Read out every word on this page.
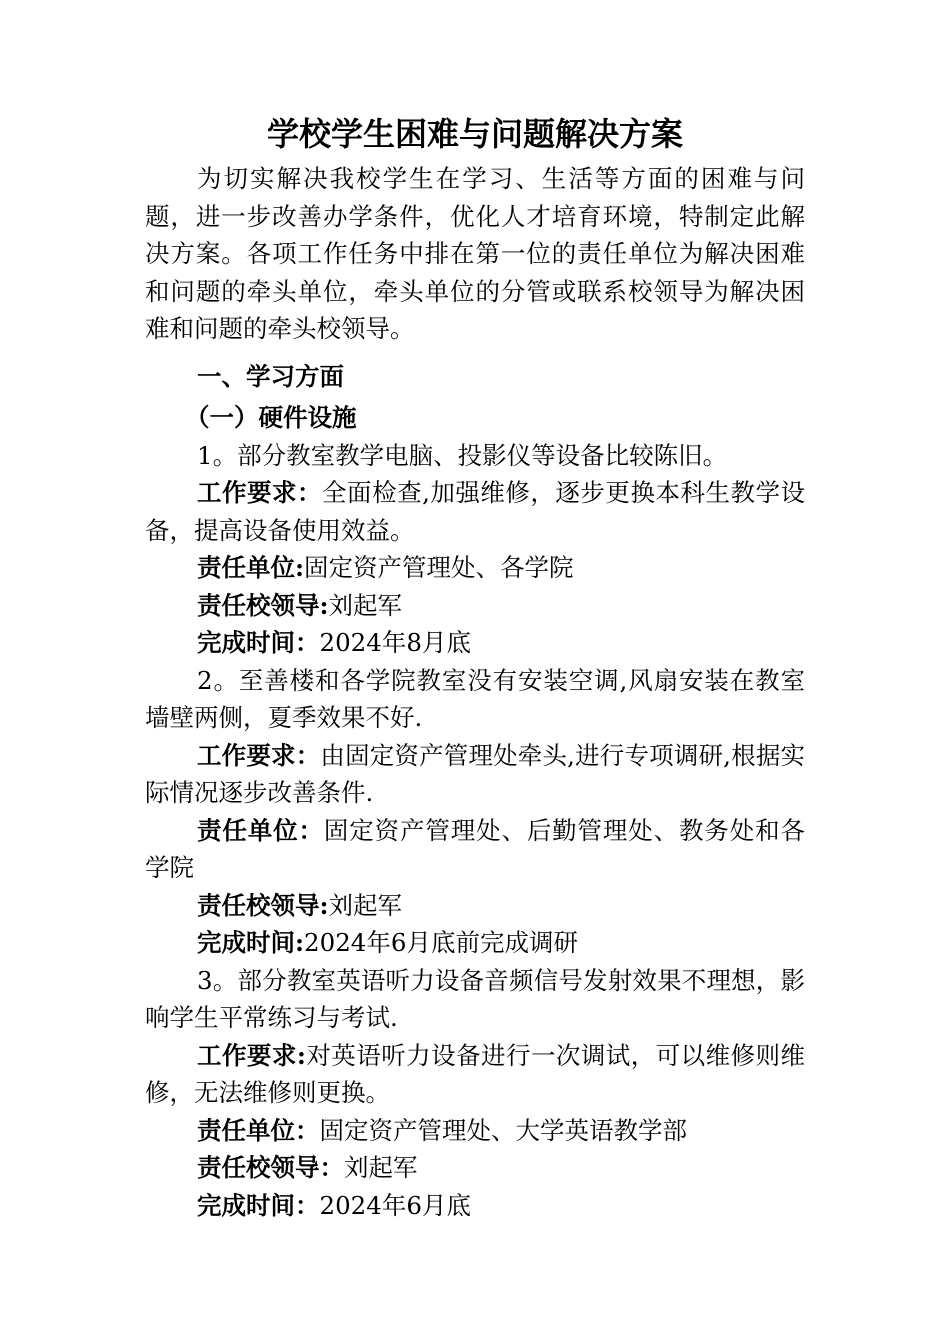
学校学生困难与问题解决方案

为切实解决我校学生在学习、生活等方面的困难与问题，进一步改善办学条件，优化人才培育环境，特制定此解决方案。各项工作任务中排在第一位的责任单位为解决困难和问题的牵头单位，牵头单位的分管或联系校领导为解决困难和问题的牵头校领导。

一、学习方面
（一）硬件设施

1。部分教室教学电脑、投影仪等设备比较陈旧。

工作要求：全面检查,加强维修，逐步更换本科生教学设备，提高设备使用效益。

责任单位:固定资产管理处、各学院
责任校领导:刘起军
完成时间：2024年8月底

2。至善楼和各学院教室没有安装空调,风扇安装在教室墙壁两侧，夏季效果不好.

工作要求：由固定资产管理处牵头,进行专项调研,根据实际情况逐步改善条件.

责任单位：固定资产管理处、后勤管理处、教务处和各学院

责任校领导:刘起军
完成时间:2024年6月底前完成调研

3。部分教室英语听力设备音频信号发射效果不理想，影响学生平常练习与考试.

工作要求:对英语听力设备进行一次调试，可以维修则维修，无法维修则更换。

责任单位：固定资产管理处、大学英语教学部
责任校领导：刘起军
完成时间：2024年6月底
